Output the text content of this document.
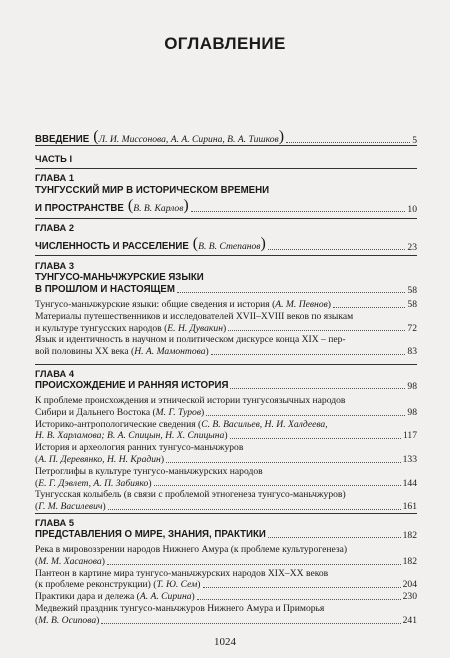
ОГЛАВЛЕНИЕ
ВВЕДЕНИЕ ( Л. И. Миссонова, А. А. Сирина, В. А. Тишков )	5
ЧАСТЬ I
ГЛАВА 1
ТУНГУССКИЙ МИР В ИСТОРИЧЕСКОМ ВРЕМЕНИ
И ПРОСТРАНСТВЕ ( В. В. Карлов )	10
ГЛАВА 2
ЧИСЛЕННОСТЬ И РАССЕЛЕНИЕ ( В. В. Степанов )	23
ГЛАВА 3
ТУНГУСО-МАНЬЧЖУРСКИЕ ЯЗЫКИ
В ПРОШЛОМ И НАСТОЯЩЕМ	58
Тунгусо-маньчжурские языки: общие сведения и история ( А. М. Певнов )	58
Материалы путешественников и исследователей XVII–XVIII веков по языкам
и культуре тунгусских народов ( Е. Н. Дувакин )	72
Язык и идентичность в научном и политическом дискурсе конца XIX – пер-
вой половины XX века ( Н. А. Мамонтова )	83
ГЛАВА 4
ПРОИСХОЖДЕНИЕ И РАННЯЯ ИСТОРИЯ	98
К проблеме происхождения и этнической истории тунгусоязычных народов
Сибири и Дальнего Востока ( М. Г. Туров )	98
Историко-антропологические сведения (С. В. Васильев, Н. И. Халдеева,
Н. В. Харламова; В. А. Спицын, Н. Х. Спицына )	117
История и археология ранних тунгусо-маньчжуров
( А. П. Деревянко, Н. Н. Крадин )	133
Петроглифы в культуре тунгусо-маньчжурских народов
( Е. Г. Дэвлет, А. П. Забияко )	144
Тунгусская колыбель (в связи с проблемой этногенеза тунгусо-маньчжуров)
( Г. М. Василевич )	161
ГЛАВА 5
ПРЕДСТАВЛЕНИЯ О МИРЕ, ЗНАНИЯ, ПРАКТИКИ	182
Река в мировоззрении народов Нижнего Амура (к проблеме культурогенеза)
( М. М. Хасанова )	182
Пантеон в картине мира тунгусо-маньчжурских народов XIX–XX веков
(к проблеме реконструкции) ( Т. Ю. Сем )	204
Практики дара и дележа ( А. А. Сирина )	230
Медвежий праздник тунгусо-маньчжуров Нижнего Амура и Приморья
( М. В. Осипова )	241
1024
